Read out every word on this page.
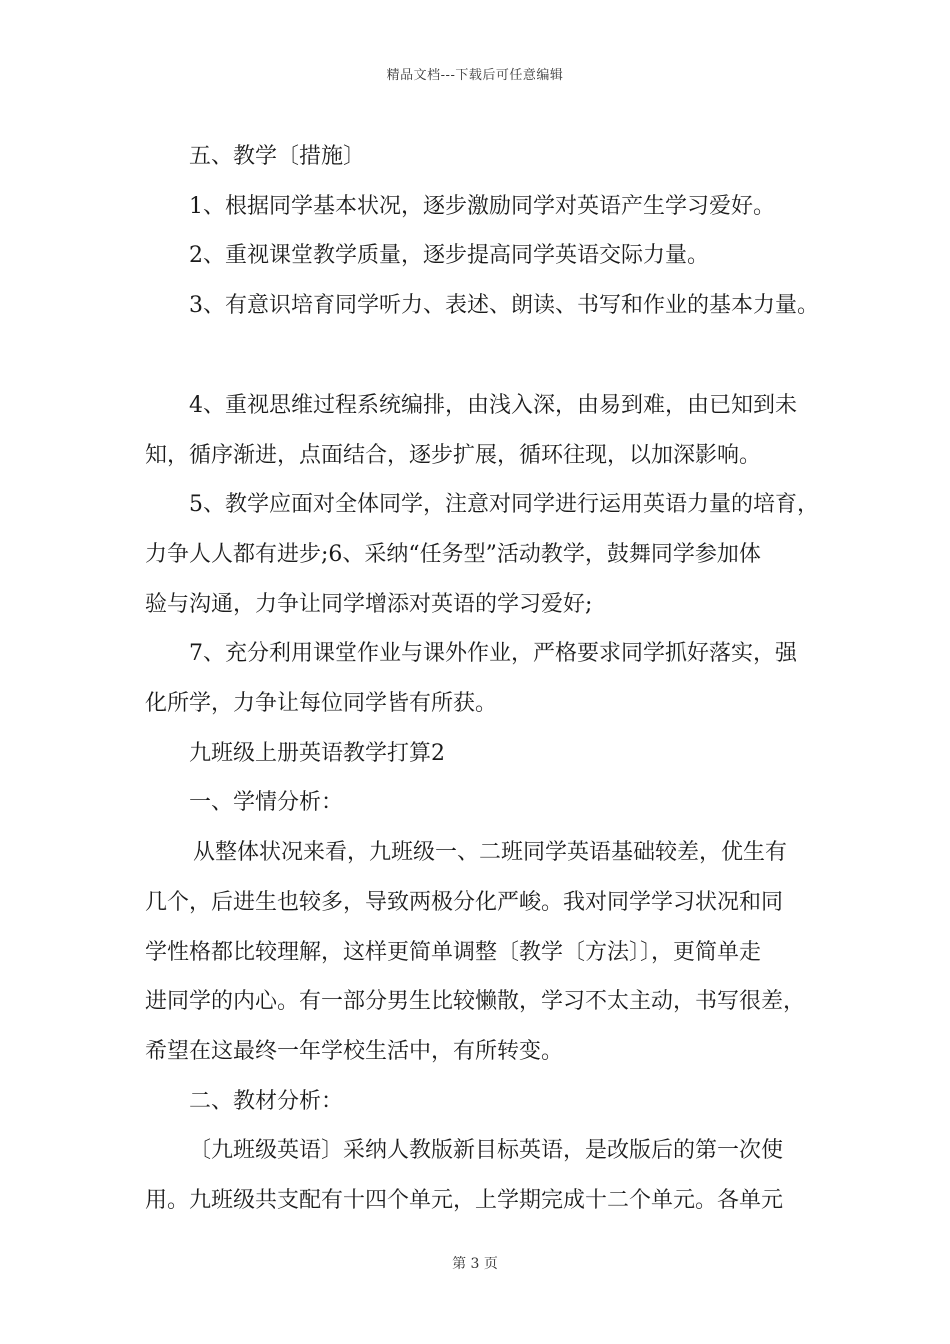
精品文档---下载后可任意编辑

五、教学〔措施〕

1、根据同学基本状况，逐步激励同学对英语产生学习爱好。

2、重视课堂教学质量，逐步提高同学英语交际力量。

3、有意识培育同学听力、表述、朗读、书写和作业的基本力量。

4、重视思维过程系统编排，由浅入深，由易到难，由已知到未

知，循序渐进，点面结合，逐步扩展，循环往现，以加深影响。

5、教学应面对全体同学，注意对同学进行运用英语力量的培育，

力争人人都有进步;6、采纳“任务型”活动教学，鼓舞同学参加体

验与沟通，力争让同学增添对英语的学习爱好;

7、充分利用课堂作业与课外作业，严格要求同学抓好落实，强

化所学，力争让每位同学皆有所获。

九班级上册英语教学打算2

一、学情分析：

从整体状况来看，九班级一、二班同学英语基础较差，优生有

几个，后进生也较多，导致两极分化严峻。我对同学学习状况和同

学性格都比较理解，这样更简单调整〔教学〔方法〕〕，更简单走

进同学的内心。有一部分男生比较懒散，学习不太主动，书写很差，

希望在这最终一年学校生活中，有所转变。

二、教材分析：

〔九班级英语〕采纳人教版新目标英语，是改版后的第一次使

用。九班级共支配有十四个单元，上学期完成十二个单元。各单元

第 3 页
